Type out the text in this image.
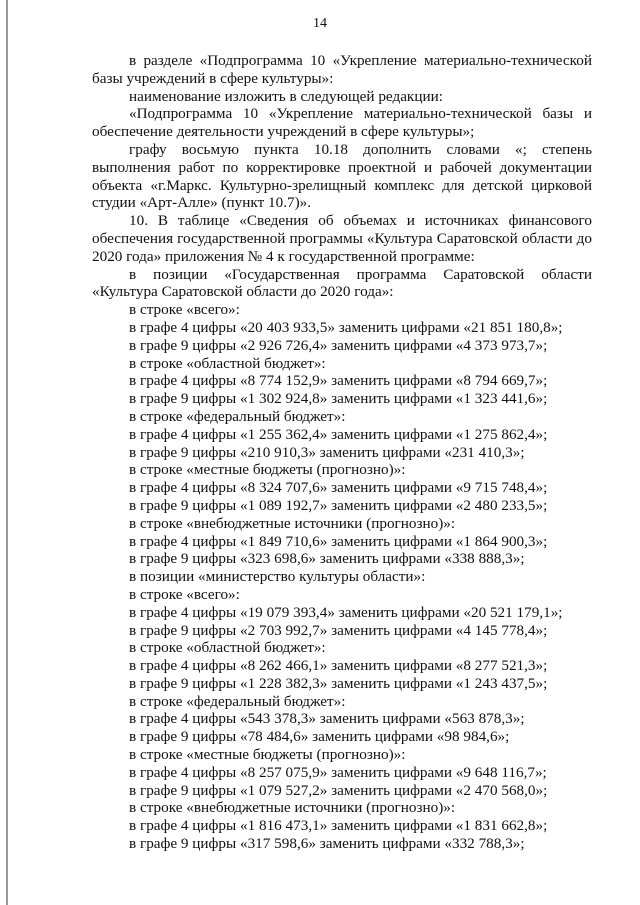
14

в разделе «Подпрограмма 10 «Укрепление материально-технической базы учреждений в сфере культуры»:

наименование изложить в следующей редакции:

«Подпрограмма 10 «Укрепление материально-технической базы и обеспечение деятельности учреждений в сфере культуры»;

графу восьмую пункта 10.18 дополнить словами «; степень выполнения работ по корректировке проектной и рабочей документации объекта «г.Маркс. Культурно-зрелищный комплекс для детской цирковой студии «Арт-Алле» (пункт 10.7)».

10. В таблице «Сведения об объемах и источниках финансового обеспечения государственной программы «Культура Саратовской области до 2020 года» приложения № 4 к государственной программе:

в позиции «Государственная программа Саратовской области «Культура Саратовской области до 2020 года»:

в строке «всего»:
в графе 4 цифры «20 403 933,5» заменить цифрами «21 851 180,8»;
в графе 9 цифры «2 926 726,4» заменить цифрами «4 373 973,7»;
в строке «областной бюджет»:
в графе 4 цифры «8 774 152,9» заменить цифрами «8 794 669,7»;
в графе 9 цифры «1 302 924,8» заменить цифрами «1 323 441,6»;
в строке «федеральный бюджет»:
в графе 4 цифры «1 255 362,4» заменить цифрами «1 275 862,4»;
в графе 9 цифры «210 910,3» заменить цифрами «231 410,3»;
в строке «местные бюджеты (прогнозно)»:
в графе 4 цифры «8 324 707,6» заменить цифрами «9 715 748,4»;
в графе 9 цифры «1 089 192,7» заменить цифрами «2 480 233,5»;
в строке «внебюджетные источники (прогнозно)»:
в графе 4 цифры «1 849 710,6» заменить цифрами «1 864 900,3»;
в графе 9 цифры «323 698,6» заменить цифрами «338 888,3»;
в позиции «министерство культуры области»:
в строке «всего»:
в графе 4 цифры «19 079 393,4» заменить цифрами «20 521 179,1»;
в графе 9 цифры «2 703 992,7» заменить цифрами «4 145 778,4»;
в строке «областной бюджет»:
в графе 4 цифры «8 262 466,1» заменить цифрами «8 277 521,3»;
в графе 9 цифры «1 228 382,3» заменить цифрами «1 243 437,5»;
в строке «федеральный бюджет»:
в графе 4 цифры «543 378,3» заменить цифрами «563 878,3»;
в графе 9 цифры «78 484,6» заменить цифрами «98 984,6»;
в строке «местные бюджеты (прогнозно)»:
в графе 4 цифры «8 257 075,9» заменить цифрами «9 648 116,7»;
в графе 9 цифры «1 079 527,2» заменить цифрами «2 470 568,0»;
в строке «внебюджетные источники (прогнозно)»:
в графе 4 цифры «1 816 473,1» заменить цифрами «1 831 662,8»;
в графе 9 цифры «317 598,6» заменить цифрами «332 788,3»;
